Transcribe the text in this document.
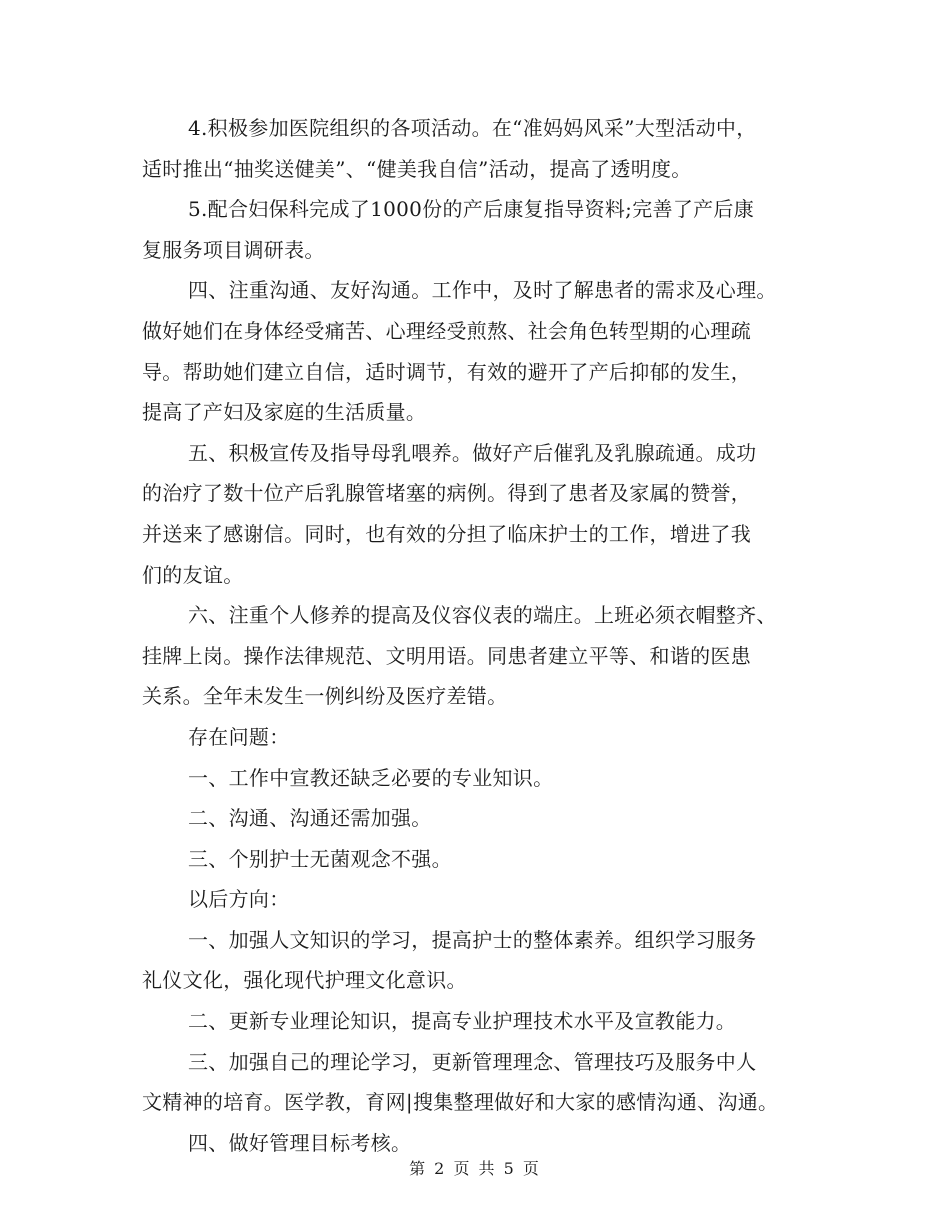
4.积极参加医院组织的各项活动。在“准妈妈风采”大型活动中，
适时推出“抽奖送健美”、“健美我自信”活动，提高了透明度。
5.配合妇保科完成了1000份的产后康复指导资料;完善了产后康
复服务项目调研表。
四、注重沟通、友好沟通。工作中，及时了解患者的需求及心理。
做好她们在身体经受痛苦、心理经受煎熬、社会角色转型期的心理疏
导。帮助她们建立自信，适时调节，有效的避开了产后抑郁的发生，
提高了产妇及家庭的生活质量。
五、积极宣传及指导母乳喂养。做好产后催乳及乳腺疏通。成功
的治疗了数十位产后乳腺管堵塞的病例。得到了患者及家属的赞誉，
并送来了感谢信。同时，也有效的分担了临床护士的工作，增进了我
们的友谊。
六、注重个人修养的提高及仪容仪表的端庄。上班必须衣帽整齐、
挂牌上岗。操作法律规范、文明用语。同患者建立平等、和谐的医患
关系。全年未发生一例纠纷及医疗差错。
存在问题：
一、工作中宣教还缺乏必要的专业知识。
二、沟通、沟通还需加强。
三、个别护士无菌观念不强。
以后方向：
一、加强人文知识的学习，提高护士的整体素养。组织学习服务
礼仪文化，强化现代护理文化意识。
二、更新专业理论知识，提高专业护理技术水平及宣教能力。
三、加强自己的理论学习，更新管理理念、管理技巧及服务中人
文精神的培育。医学教，育网|搜集整理做好和大家的感情沟通、沟通。
四、做好管理目标考核。
第 2 页 共 5 页
